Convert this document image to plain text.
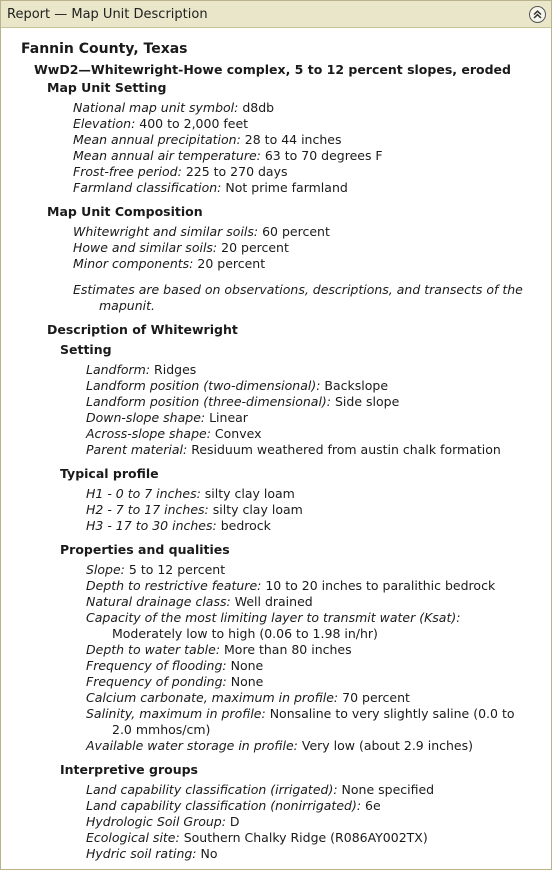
Report — Map Unit Description
Fannin County, Texas
WwD2—Whitewright-Howe complex, 5 to 12 percent slopes, eroded
Map Unit Setting
National map unit symbol: d8db
Elevation: 400 to 2,000 feet
Mean annual precipitation: 28 to 44 inches
Mean annual air temperature: 63 to 70 degrees F
Frost-free period: 225 to 270 days
Farmland classification: Not prime farmland
Map Unit Composition
Whitewright and similar soils: 60 percent
Howe and similar soils: 20 percent
Minor components: 20 percent
Estimates are based on observations, descriptions, and transects of the
mapunit.
Description of Whitewright
Setting
Landform: Ridges
Landform position (two-dimensional): Backslope
Landform position (three-dimensional): Side slope
Down-slope shape: Linear
Across-slope shape: Convex
Parent material: Residuum weathered from austin chalk formation
Typical profile
H1 - 0 to 7 inches: silty clay loam
H2 - 7 to 17 inches: silty clay loam
H3 - 17 to 30 inches: bedrock
Properties and qualities
Slope: 5 to 12 percent
Depth to restrictive feature: 10 to 20 inches to paralithic bedrock
Natural drainage class: Well drained
Capacity of the most limiting layer to transmit water (Ksat):
Moderately low to high (0.06 to 1.98 in/hr)
Depth to water table: More than 80 inches
Frequency of flooding: None
Frequency of ponding: None
Calcium carbonate, maximum in profile: 70 percent
Salinity, maximum in profile: Nonsaline to very slightly saline (0.0 to
2.0 mmhos/cm)
Available water storage in profile: Very low (about 2.9 inches)
Interpretive groups
Land capability classification (irrigated): None specified
Land capability classification (nonirrigated): 6e
Hydrologic Soil Group: D
Ecological site: Southern Chalky Ridge (R086AY002TX)
Hydric soil rating: No
